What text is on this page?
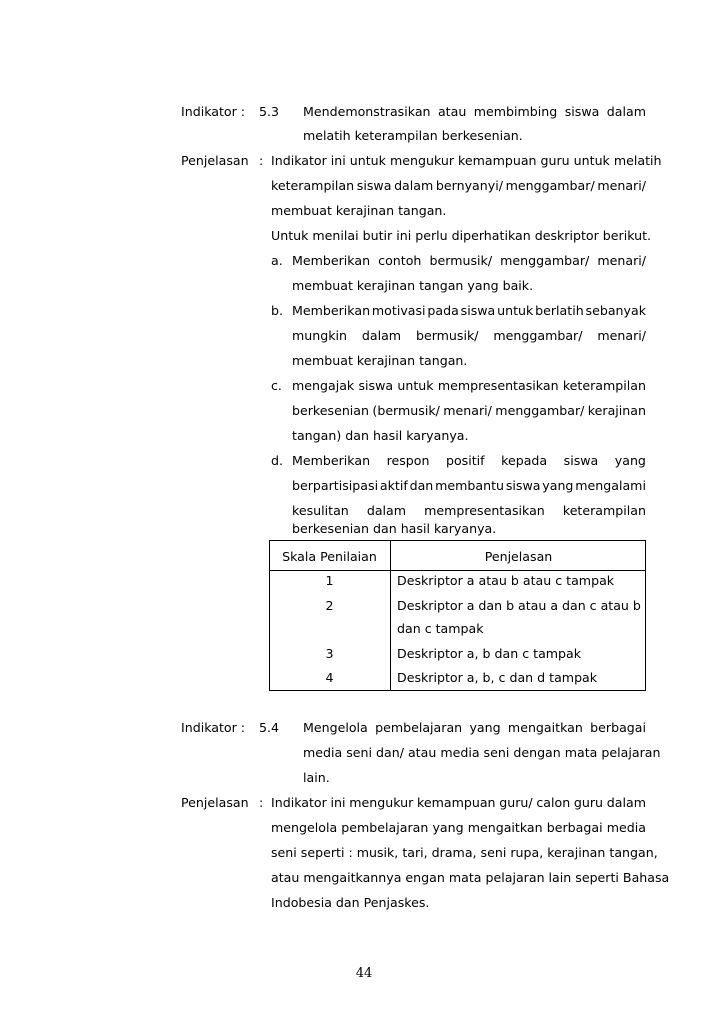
Indikator : 5.3 Mendemonstrasikan atau membimbing siswa dalam
melatih keterampilan berkesenian.
Penjelasan : Indikator ini untuk mengukur kemampuan guru untuk melatih
keterampilan siswa dalam bernyanyi/ menggambar/ menari/
membuat kerajinan tangan.
Untuk menilai butir ini perlu diperhatikan deskriptor berikut.
a. Memberikan contoh bermusik/ menggambar/ menari/
membuat kerajinan tangan yang baik.
b. Memberikan motivasi pada siswa untuk berlatih sebanyak
mungkin dalam bermusik/ menggambar/ menari/
membuat kerajinan tangan.
c. mengajak siswa untuk mempresentasikan keterampilan
berkesenian (bermusik/ menari/ menggambar/ kerajinan
tangan) dan hasil karyanya.
d. Memberikan respon positif kepada siswa yang
berpartisipasi aktif dan membantu siswa yang mengalami
kesulitan dalam mempresentasikan keterampilan
berkesenian dan hasil karyanya.
Skala Penilaian	Penjelasan
1	Deskriptor a atau b atau c tampak
2	Deskriptor a dan b atau a dan c atau b
dan c tampak
3	Deskriptor a, b dan c tampak
4	Deskriptor a, b, c dan d tampak
Indikator : 5.4 Mengelola pembelajaran yang mengaitkan berbagai
media seni dan/ atau media seni dengan mata pelajaran
lain.
Penjelasan : Indikator ini mengukur kemampuan guru/ calon guru dalam
mengelola pembelajaran yang mengaitkan berbagai media
seni seperti : musik, tari, drama, seni rupa, kerajinan tangan,
atau mengaitkannya engan mata pelajaran lain seperti Bahasa
Indobesia dan Penjaskes.
44
